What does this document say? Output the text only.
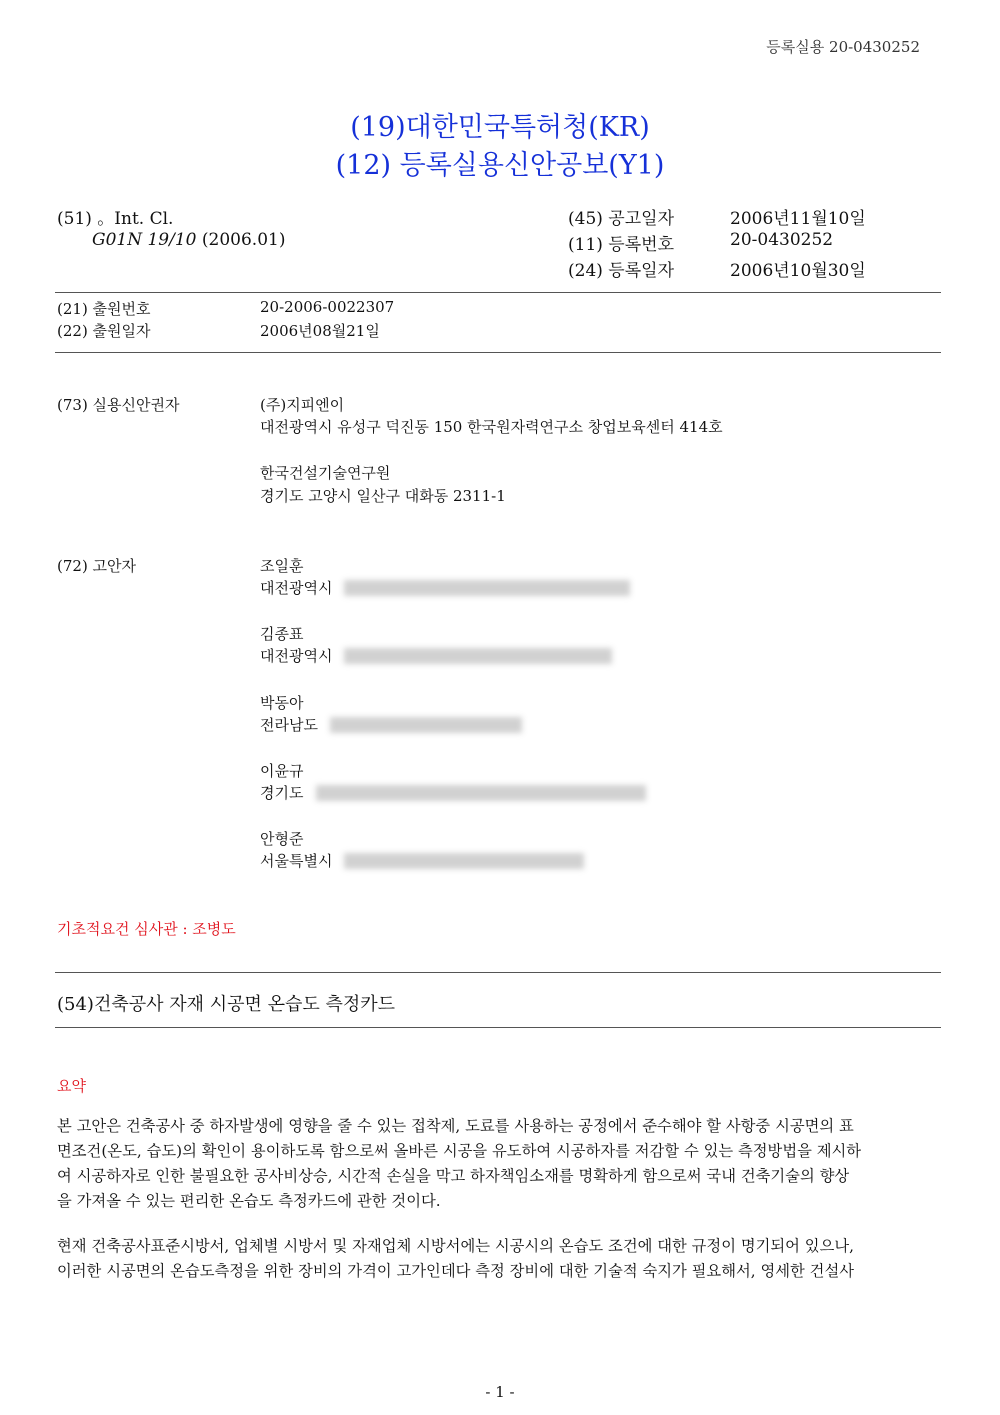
등록실용 20-0430252
(19)대한민국특허청(KR)
(12) 등록실용신안공보(Y1)
(51) 。Int. Cl.
G01N 19/10 (2006.01)
(45) 공고일자	2006년11월10일
(11) 등록번호	20-0430252
(24) 등록일자	2006년10월30일
(21) 출원번호	20-2006-0022307
(22) 출원일자	2006년08월21일
(73) 실용신안권자	(주)지피엔이
대전광역시 유성구 덕진동 150 한국원자력연구소 창업보육센터 414호
한국건설기술연구원
경기도 고양시 일산구 대화동 2311-1
(72) 고안자	조일훈
대전광역시
김종표
대전광역시
박동아
전라남도
이윤규
경기도
안형준
서울특별시
기초적요건 심사관 : 조병도
(54)건축공사 자재 시공면 온습도 측정카드
요약
본 고안은 건축공사 중 하자발생에 영향을 줄 수 있는 접착제, 도료를 사용하는 공정에서 준수해야 할 사항중 시공면의 표
면조건(온도, 습도)의 확인이 용이하도록 함으로써 올바른 시공을 유도하여 시공하자를 저감할 수 있는 측정방법을 제시하
여 시공하자로 인한 불필요한 공사비상승, 시간적 손실을 막고 하자책임소재를 명확하게 함으로써 국내 건축기술의 향상
을 가져올 수 있는 편리한 온습도 측정카드에 관한 것이다.
현재 건축공사표준시방서, 업체별 시방서 및 자재업체 시방서에는 시공시의 온습도 조건에 대한 규정이 명기되어 있으나,
이러한 시공면의 온습도측정을 위한 장비의 가격이 고가인데다 측정 장비에 대한 기술적 숙지가 필요해서, 영세한 건설사
- 1 -
